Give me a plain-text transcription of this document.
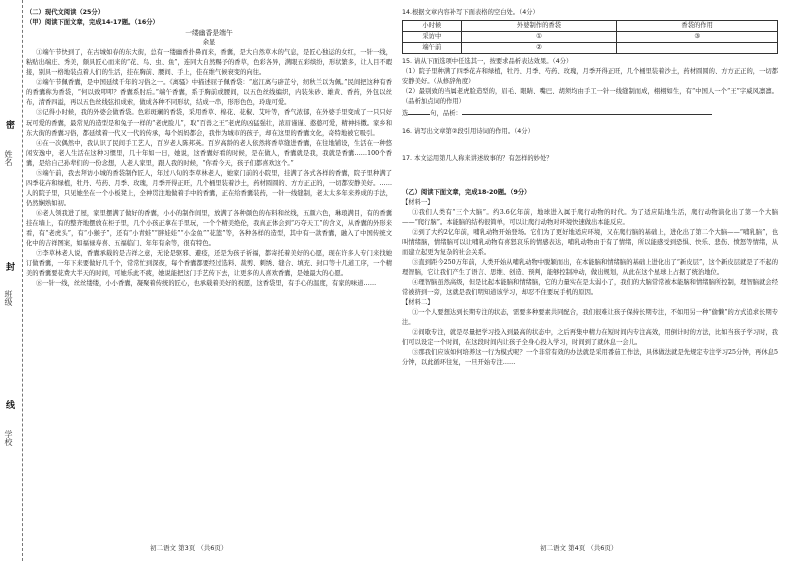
姓名
班级
学校
密
封
线

（二）现代文阅读（25分）

（甲）阅读下面文章，完成14-17题。（16分）

一缕幽香是端午

余显

①端午节快到了，在古城如春的东大街，总有一缕幽香扑鼻而来，香囊，是大自然草木的气息，是匠心独运的女红，一针一线，粘贴出端庄、秀美，颇具匠心而来的“花、鸟、虫、鱼”，连同大自然赐予的香草，色彩各异，满眼五彩缤纷，形状繁多，让人目不暇接，别具一格地装点着人们的生活，挂在胸前、腰间、手上，佳在维气候衰变的向往。

②端午节佩香囊，是中国延续千年的习俗之一。《离骚》中描述屈子佩香袋：“扈江离与辟芷兮，纫秋兰以为佩。”民间把这种有香的香囊称为香袋，“何以致叩叩？香囊系肘后。”端午香囊，系于胸前或腰间，以五色丝线编织，内装朱砂、雄黄、香药，外包以丝布，清香四溢，再以五色丝线弦扣成索，做成各种不同形状，结成一串，形形色色，玲珑可爱。

③记得小时候，我的外婆会做香袋。色彩斑斓的香袋，采用香草、棉花、花椒、艾叶等，香气浓郁，在外婆手里变成了一只只好玩可爱的香囊，最常见的造型是和兔子一样的“老虎脸儿”，取“百兽之王”老虎的凶猛强壮，浓眉谨谨、憨憨可爱，精神抖擞。家乡和东大街的香囊习俗，都延续着一代又一代的传承，每个妈妈都会，我作为城市的孩子，却在这里的香囊文化，奇特地被它吸引。

④在一次偶然中，我认识了民间手工艺人，百岁老人陈邦英。百岁高龄的老人依然将香草缝进香囊，在往地铺设，生活在一种悠闲安逸中，老人生活在这种习惯里，几十年如一日，她说，这香囊好看的时候，是在做人，香囊就是我，我就是香囊……100个香囊，是给自己孙辈们的一份念想，人老人家里，跟人我的时候，“你看今天，孩子们都喜欢这个。”

⑤端午前，我去拜访小城的香袋制作匠人，年过八旬的李草林老人，她家门前的小院里，挂满了各式各样的香囊，院子里种满了四季花卉和绿植，牡丹、芍药、月季、玫瑰，月季开得正旺，几个桶里装着沙土，药材圆圆的、方方正正的，一切都安静美好。……人的院子里，只见她坐在一个小板凳上，全神贯注地做着手中的香囊，正在给香囊装药，一针一线缝制，老太太多年来养成的手法，仍然娴熟如初。

⑥老人领我进了屋，家里摆满了做好的香囊，小小的制作间里，放满了各种颜色的布料和丝线，五颜六色，琳琅满目，有的香囊挂在墙上，有的整齐地摆放在柜子里，几个小孩正拿在手里玩，一个个精美绝伦，我真正体会到“巧夺天工”的含义，从香囊的外形来看，有“老虎头”，有“小猴子”，还有“小青蛙”“胖娃娃”“小金鱼”“花篮”等，各种各样的造型，其中有一款香囊，融入了中国传统文化中的吉祥图案，如福禄寿喜、五福临门、年年有余等，很有特色。

⑦李草林老人说，香囊承载的是吉祥之意，无论是驱邪、避疫，还是为孩子祈福，都寄托着美好的心愿，现在许多人专门来找她订做香囊，一年下来要做好几千个，常常忙到深夜，每个香囊都要经过选料、裁剪、刺绣、缝合、填充、封口等十几道工序，一个精美的香囊要花费大半天的时间，可她乐此不疲，她说能把这门手艺传下去，让更多的人喜欢香囊，是她最大的心愿。

⑧一针一线，丝丝缕缕，小小香囊，凝聚着传统的匠心，也承载着美好的祝愿，这香袋里，有手心的温度，有家的味道……

14.根据文章内容补写下面表格的空白处。（4分）

小时候	外婆制作的香袋	香袋的作用
采访中	①	③
端午前	②	

15. 请从下面选项中任选其一，按要求品析表达效果。（4分）

（1）院子里种满了四季花卉和绿植，牡丹、月季、芍药、玫瑰，月季开得正旺，几个桶里装着沙土，药材圆圆的、方方正正的，一切都安静美好。（从修辞角度）

（2）最别致的当属老虎脸造型的，眉毛、眼睛、嘴巴、胡须均由手工一针一线缝制而成，栩栩如生，有“中国人一个“王”字威风凛凛。（品析加点词的作用）

选	句，品析：

16. 请写出文章第②段引用诗词的作用。（4分）

17. 本文运用第几人称来讲述故事的？有怎样的妙处？

（乙）阅读下面文章，完成18-20题。（9分）

【材料一】

①我们人类有“三个大脑”。约3.6亿年前，地球进入属于爬行动物的时代。为了适应陆地生活，爬行动物演化出了第一个大脑——“爬行脑”。本能脑的结构很简单，可以让爬行动物对环境快速做出本能反应。

②到了大约2亿年前，哺乳动物开始登场。它们为了更好地适应环境，又在爬行脑的基础上，进化出了第二个大脑——“哺乳脑”，也叫情绪脑，情绪脑可以让哺乳动物有喜怒哀乐的情感表达，哺乳动物由于有了情绪，所以能感受到恐惧、快乐、悲伤、愤怒等情绪，从而建立起更为复杂的社会关系。

③直到距今250万年前，人类开始从哺乳动物中脱颖而出，在本能脑和情绪脑的基础上进化出了“新皮层”，这个新皮层就是了不起的理智脑，它让我们产生了语言、思维、创造、预判，能够控制冲动，做出规划，从此在这个星球上占据了统治地位。

④理智脑虽然高级，但是比起本能脑和情绪脑，它的力量实在是太弱小了，我们的大脑常常被本能脑和情绪脑所控制，理智脑就会经常被挤到一旁，这就是我们明知道该学习，却忍不住要玩手机的原因。

【材料二】

①一个人要想达到长期专注的状态，需要多种要素共同配合，我们很难让孩子保持长期专注，不如用另一种“偷懒”的方式追求长期专注。

②间歇专注，就是尽量把学习投入到最高的状态中，之后再集中精力在短时间内专注高效，用倒计时的方法，比如当孩子学习时，我们可以设定一个时间，在这段时间内让孩子全身心投入学习，时间到了就休息一会儿。

③那我们应该如何培养这一行为模式呢？一个非常有效的办法就是采用番茄工作法，具体做法就是先规定专注学习25分钟，再休息5分钟，以此循环往复，一旦开始专注……

初二语文 第3页 （共6页）	初二语文 第4页 （共6页）
